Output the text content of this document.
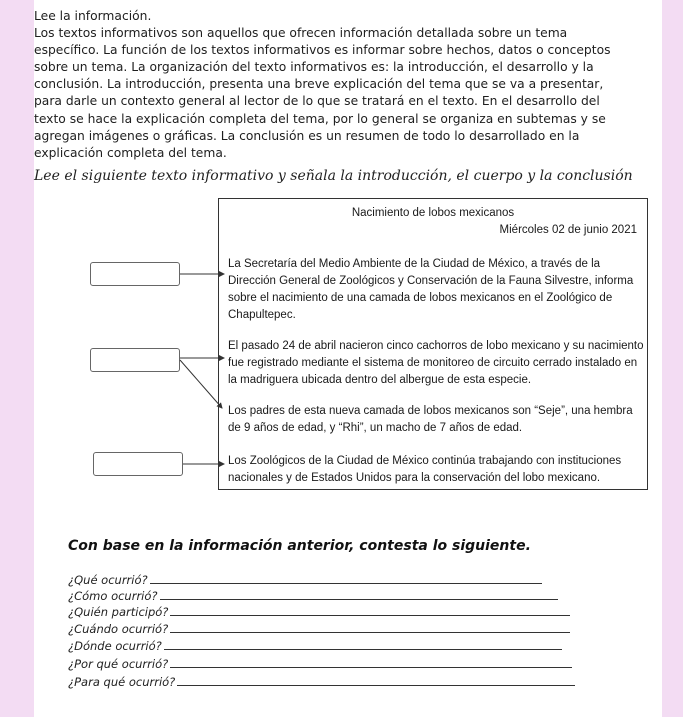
Lee la información.

Los textos informativos son aquellos que ofrecen información detallada sobre un tema específico. La función de los textos informativos es informar sobre hechos, datos o conceptos sobre un tema. La organización del texto informativos es: la introducción, el desarrollo y la conclusión. La introducción, presenta una breve explicación del tema que se va a presentar, para darle un contexto general al lector de lo que se tratará en el texto. En el desarrollo del texto se hace la explicación completa del tema, por lo general se organiza en subtemas y se agregan imágenes o gráficas. La conclusión es un resumen de todo lo desarrollado en la explicación completa del tema.

Lee el siguiente texto informativo y señala la introducción, el cuerpo y la conclusión
Nacimiento de lobos mexicanos
Miércoles 02 de junio 2021

La Secretaría del Medio Ambiente de la Ciudad de México, a través de la Dirección General de Zoológicos y Conservación de la Fauna Silvestre, informa sobre el nacimiento de una camada de lobos mexicanos en el Zoológico de Chapultepec.

El pasado 24 de abril nacieron cinco cachorros de lobo mexicano y su nacimiento fue registrado mediante el sistema de monitoreo de circuito cerrado instalado en la madriguera ubicada dentro del albergue de esta especie.

Los padres de esta nueva camada de lobos mexicanos son “Seje”, una hembra de 9 años de edad, y “Rhi”, un macho de 7 años de edad.

Los Zoológicos de la Ciudad de México continúa trabajando con instituciones nacionales y de Estados Unidos para la conservación del lobo mexicano.

Con base en la información anterior, contesta lo siguiente.
¿Qué ocurrió?
¿Cómo ocurrió?
¿Quién participó?
¿Cuándo ocurrió?
¿Dónde ocurrió?
¿Por qué ocurrió?
¿Para qué ocurrió?
